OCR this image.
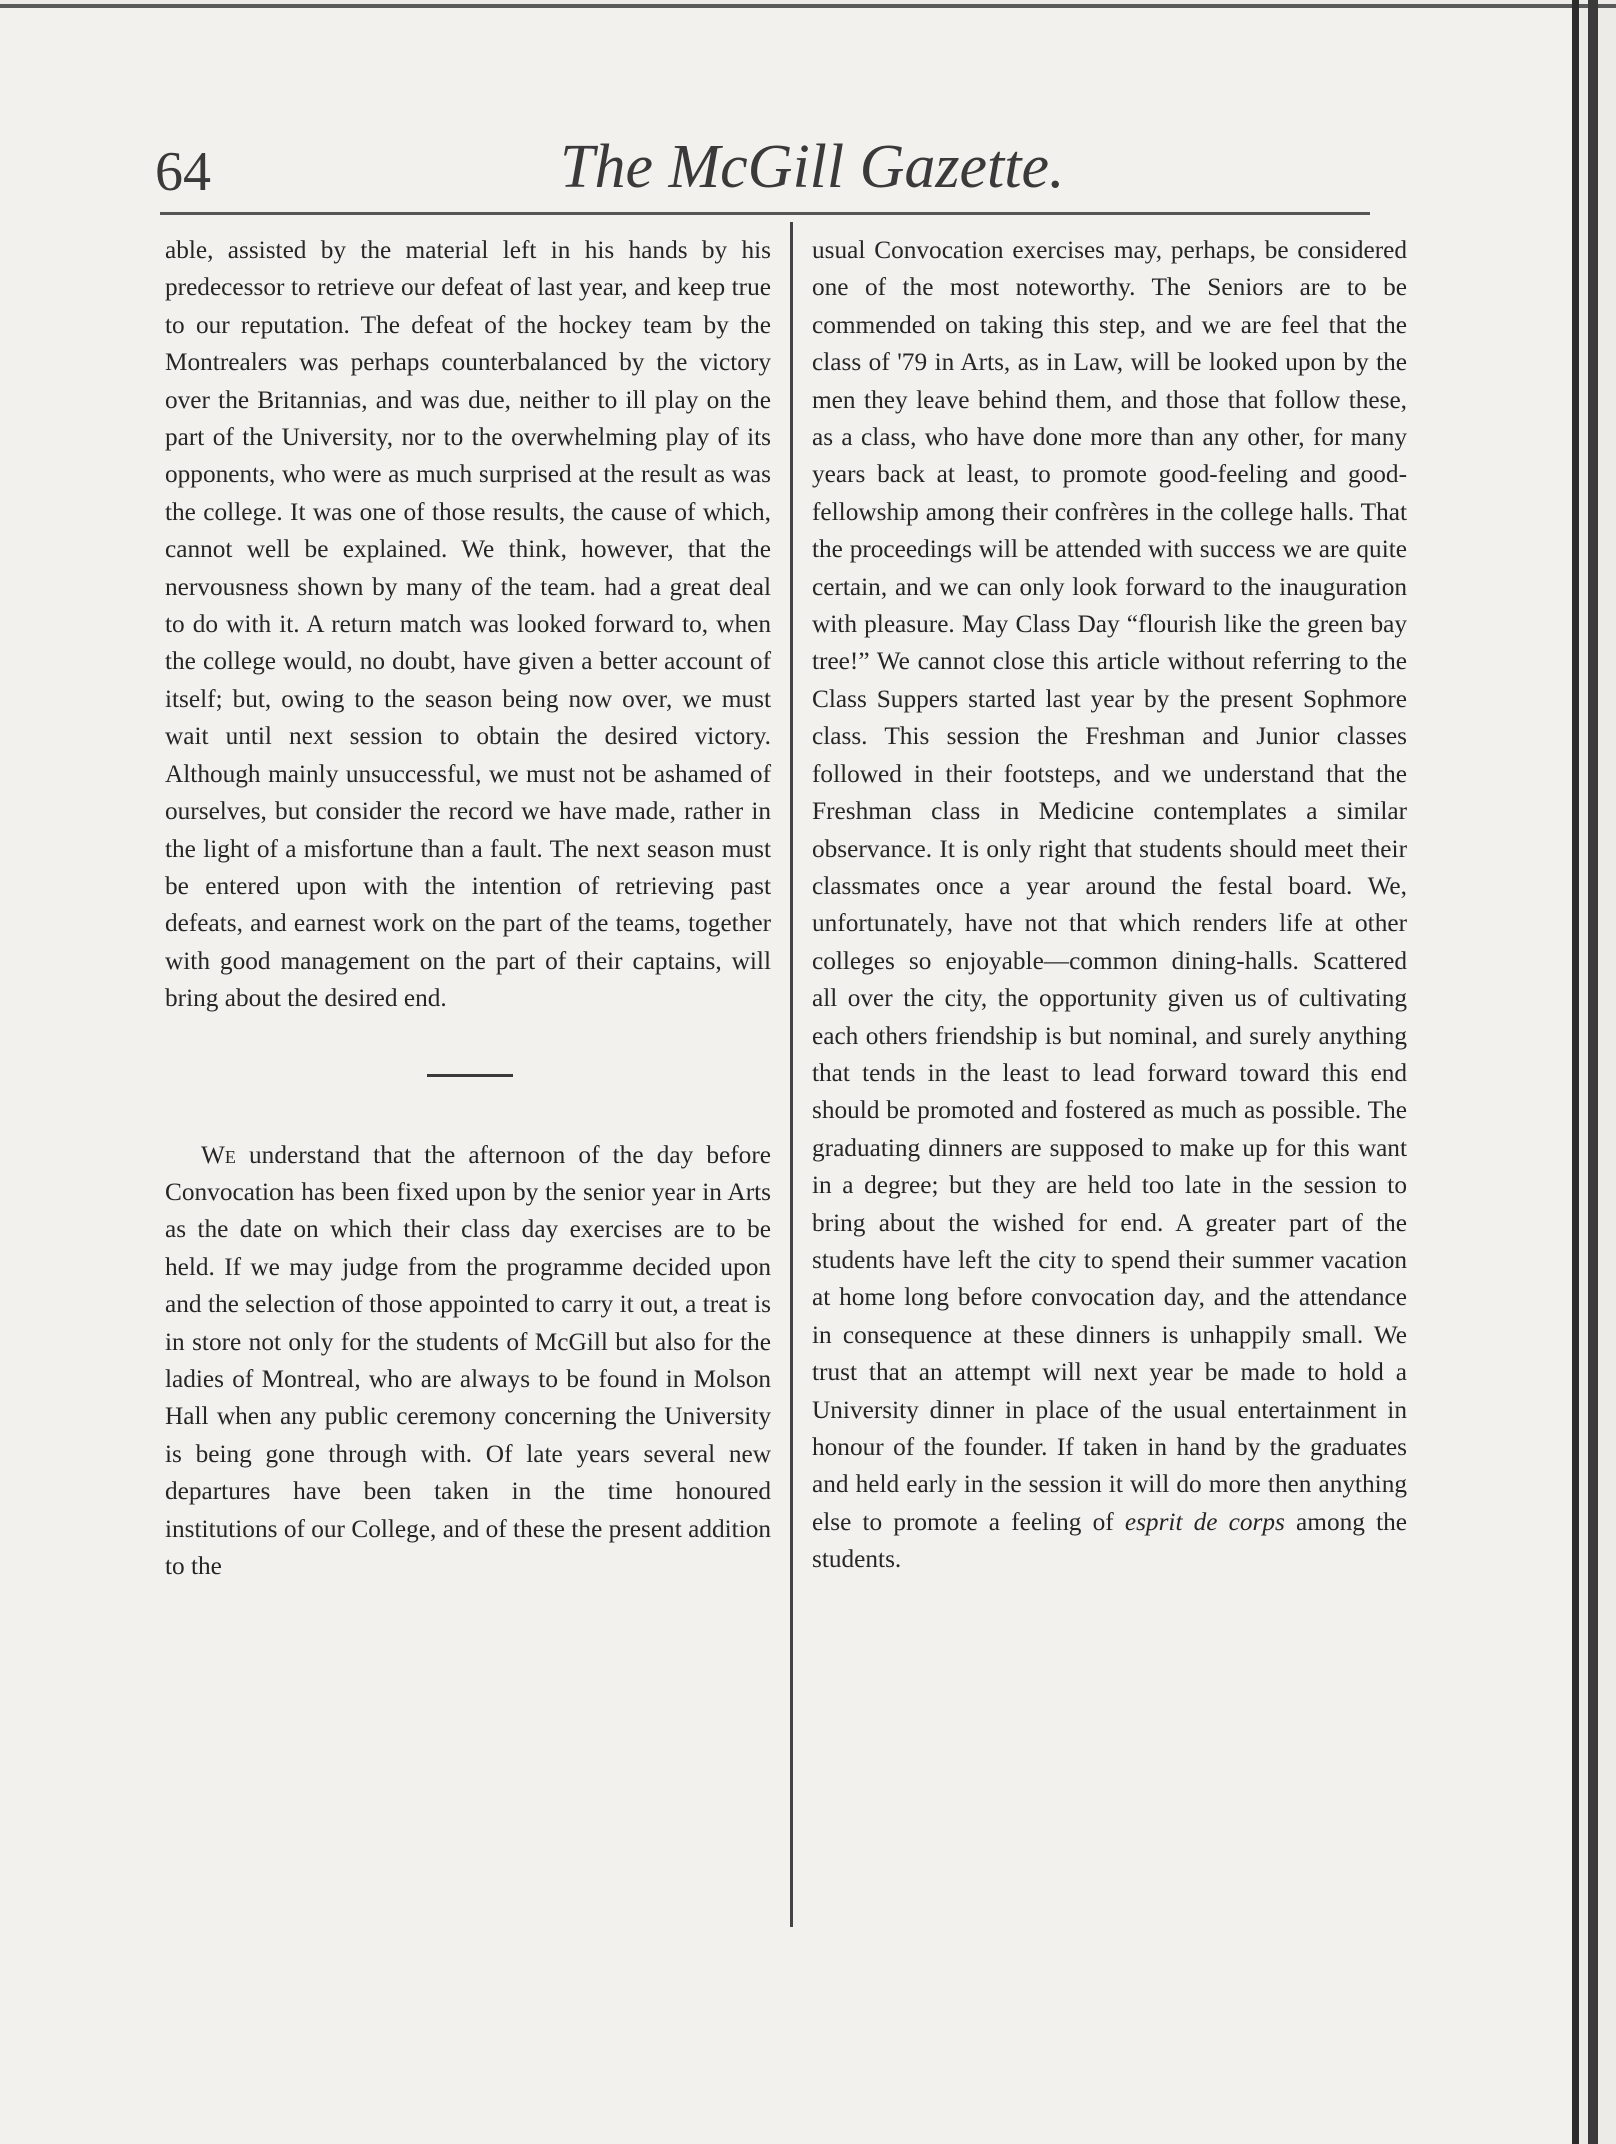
64	The McGill Gazette.

able, assisted by the material left in his hands by his predecessor to retrieve our defeat of last year, and keep true to our reputation. The defeat of the hockey team by the Montrealers was perhaps counterbalanced by the victory over the Britannias, and was due, neither to ill play on the part of the University, nor to the overwhelming play of its opponents, who were as much surprised at the result as was the college. It was one of those results, the cause of which, cannot well be explained. We think, however, that the nervousness shown by many of the team. had a great deal to do with it. A return match was looked forward to, when the college would, no doubt, have given a better account of itself; but, owing to the season being now over, we must wait until next session to obtain the desired victory. Although mainly unsuccessful, we must not be ashamed of ourselves, but consider the record we have made, rather in the light of a misfortune than a fault. The next season must be entered upon with the intention of retrieving past defeats, and earnest work on the part of the teams, together with good management on the part of their captains, will bring about the desired end.

We understand that the afternoon of the day before Convocation has been fixed upon by the senior year in Arts as the date on which their class day exercises are to be held. If we may judge from the programme decided upon and the selection of those appointed to carry it out, a treat is in store not only for the students of McGill but also for the ladies of Montreal, who are always to be found in Molson Hall when any public ceremony concerning the University is being gone through with. Of late years several new departures have been taken in the time honoured institutions of our College, and of these the present addition to the

usual Convocation exercises may, perhaps, be considered one of the most noteworthy. The Seniors are to be commended on taking this step, and we are feel that the class of '79 in Arts, as in Law, will be looked upon by the men they leave behind them, and those that follow these, as a class, who have done more than any other, for many years back at least, to promote good-feeling and good-fellowship among their confrères in the college halls. That the proceedings will be attended with success we are quite certain, and we can only look forward to the inauguration with pleasure. May Class Day “flourish like the green bay tree!” We cannot close this article without referring to the Class Suppers started last year by the present Sophmore class. This session the Freshman and Junior classes followed in their footsteps, and we understand that the Freshman class in Medicine contemplates a similar observance. It is only right that students should meet their classmates once a year around the festal board. We, unfortunately, have not that which renders life at other colleges so enjoyable—common dining-halls. Scattered all over the city, the opportunity given us of cultivating each others friendship is but nominal, and surely anything that tends in the least to lead forward toward this end should be promoted and fostered as much as possible. The graduating dinners are supposed to make up for this want in a degree; but they are held too late in the session to bring about the wished for end. A greater part of the students have left the city to spend their summer vacation at home long before convocation day, and the attendance in consequence at these dinners is unhappily small. We trust that an attempt will next year be made to hold a University dinner in place of the usual entertainment in honour of the founder. If taken in hand by the graduates and held early in the session it will do more then anything else to promote a feeling of esprit de corps among the students.
